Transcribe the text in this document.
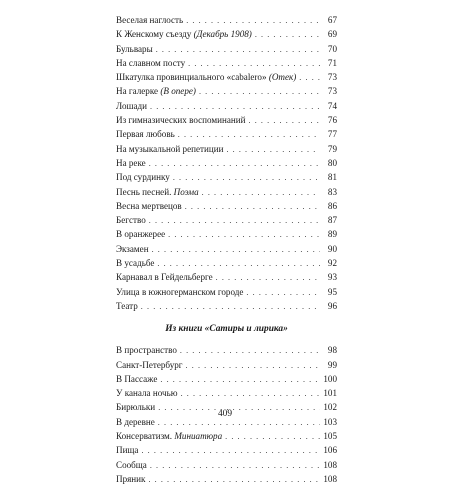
Веселая наглость . . .	67
К Женскому съезду (Декабрь 1908) . . .	69
Бульвары . . .	70
На славном посту . . .	71
Шкатулка провинциального «cabalero» (Отек) . . .	73
На галерке (В опере) . . .	73
Лошади . . .	74
Из гимназических воспоминаний . . .	76
Первая любовь . . .	77
На музыкальной репетиции . . .	79
На реке . . .	80
Под сурдинку . . .	81
Песнь песней. Поэма . . .	83
Весна мертвецов . . .	86
Бегство . . .	87
В оранжерее . . .	89
Экзамен . . .	90
В усадьбе . . .	92
Карнавал в Гейдельберге . . .	93
Улица в южногерманском городе . . .	95
Театр . . .	96
Из книги «Сатиры и лирика»
В пространство . . .	98
Санкт-Петербург . . .	99
В Пассаже . . .	100
У канала ночью . . .	101
Бирюльки . . .	102
В деревне . . .	103
Консерватизм. Миниатюра . . .	105
Пища . . .	106
Сообща . . .	108
Пряник . . .	108
409
